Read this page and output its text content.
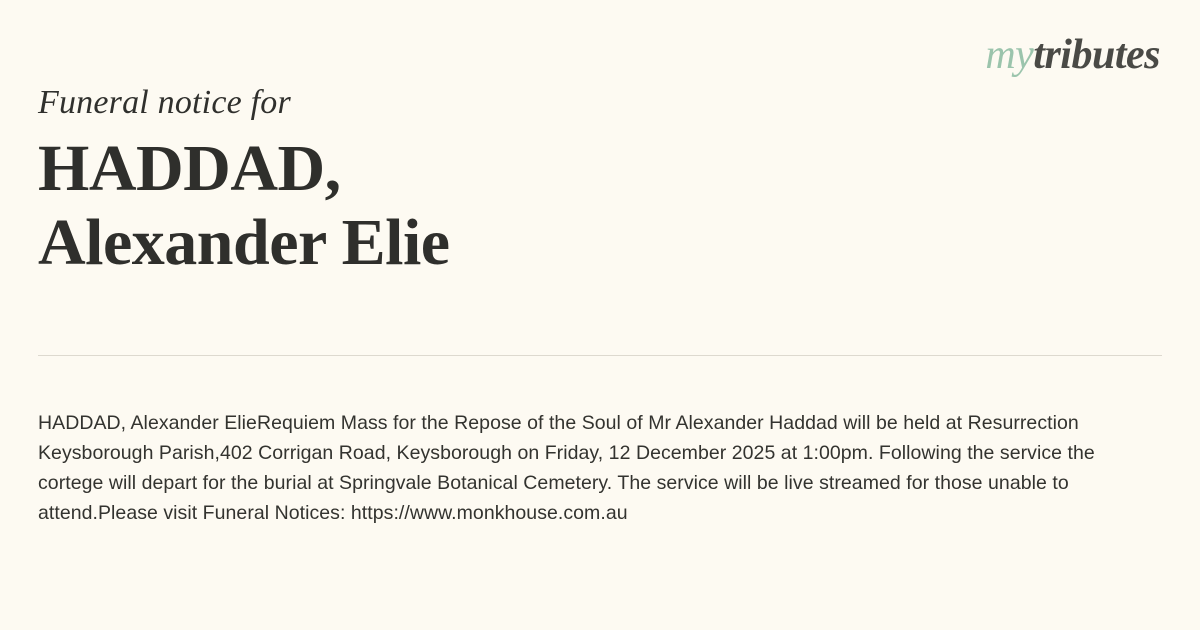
mytributes

Funeral notice for

HADDAD,
Alexander Elie

HADDAD, Alexander ElieRequiem Mass for the Repose of the Soul of Mr Alexander Haddad will be held at Resurrection Keysborough Parish,402 Corrigan Road, Keysborough on Friday, 12 December 2025 at 1:00pm. Following the service the cortege will depart for the burial at Springvale Botanical Cemetery. The service will be live streamed for those unable to attend.Please visit Funeral Notices: https://www.monkhouse.com.au
